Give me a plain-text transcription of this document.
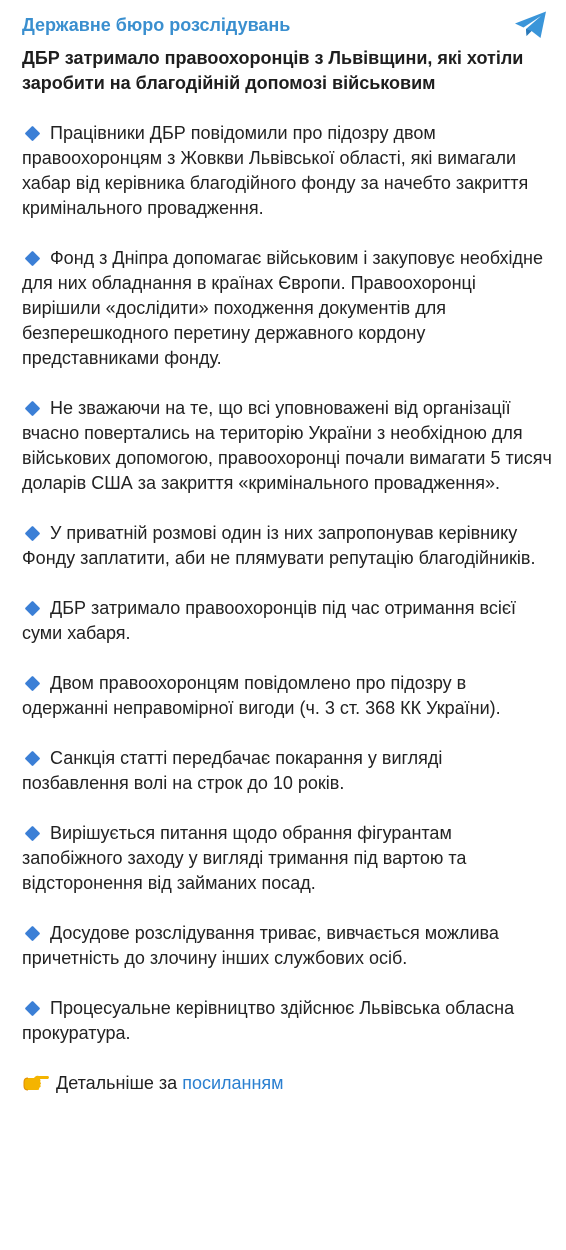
Державне бюро розслідувань
ДБР затримало правоохоронців з Львівщини, які хотіли заробити на благодійній допомозі військовим
Працівники ДБР повідомили про підозру двом правоохоронцям з Жовкви Львівської області, які вимагали хабар від керівника благодійного фонду за начебто закриття кримінального провадження.
Фонд з Дніпра допомагає військовим і закуповує необхідне для них обладнання в країнах Європи. Правоохоронці вирішили «дослідити» походження документів для безперешкодного перетину державного кордону представниками фонду.
Не зважаючи на те, що всі уповноважені від організації вчасно повертались на територію України з необхідною для військових допомогою, правоохоронці почали вимагати 5 тисяч доларів США за закриття «кримінального провадження».
У приватній розмові один із них запропонував керівнику Фонду заплатити, аби не плямувати репутацію благодійників.
ДБР затримало правоохоронців під час отримання всієї суми хабаря.
Двом правоохоронцям повідомлено про підозру в одержанні неправомірної вигоди (ч. 3 ст. 368 КК України).
Санкція статті передбачає покарання у вигляді позбавлення волі на строк до 10 років.
Вирішується питання щодо обрання фігурантам запобіжного заходу у вигляді тримання під вартою та відсторонення від займаних посад.
Досудове розслідування триває, вивчається можлива причетність до злочину інших службових осіб.
Процесуальне керівництво здійснює Львівська обласна прокуратура.
Детальніше за посиланням
